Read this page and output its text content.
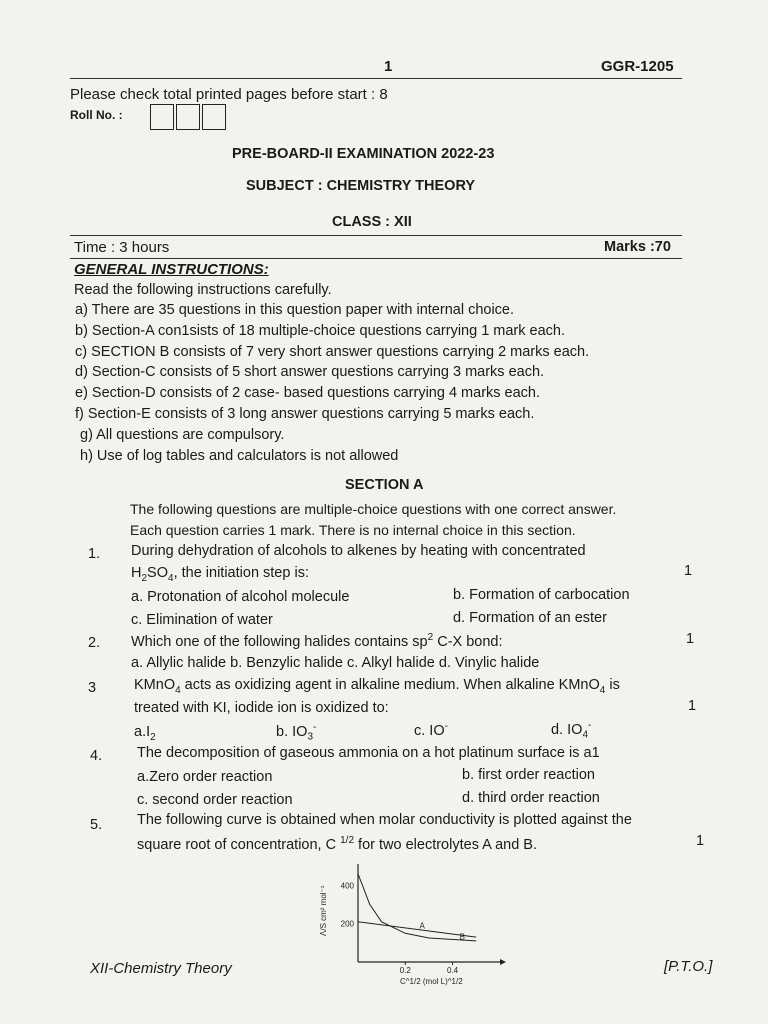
1	GGR-1205
Please check total printed pages before start : 8
Roll No. :
PRE-BOARD-II EXAMINATION 2022-23
SUBJECT : CHEMISTRY THEORY
CLASS : XII
Time : 3 hours	Marks :70
GENERAL INSTRUCTIONS:
Read the following instructions carefully.
a) There are 35 questions in this question paper with internal choice.
b) Section-A con1sists of 18 multiple-choice questions carrying 1 mark each.
c) SECTION B consists of 7 very short answer questions carrying 2 marks each.
d) Section-C consists of 5 short answer questions carrying 3 marks each.
e) Section-D consists of 2 case- based questions carrying 4 marks each.
f) Section-E consists of 3 long answer questions carrying 5 marks each.
g) All questions are compulsory.
h) Use of log tables and calculators is not allowed
SECTION A
The following questions are multiple-choice questions with one correct answer.
Each question carries 1 mark. There is no internal choice in this section.
1. During dehydration of alcohols to alkenes by heating with concentrated
$H_2SO_4$, the initiation step is:	1
a. Protonation of alcohol molecule	b. Formation of carbocation
c. Elimination of water	d. Formation of an ester
2. Which one of the following halides contains $sp^2$ C-X bond:	1
a. Allylic halide b. Benzylic halide c. Alkyl halide d. Vinylic halide
3	KMnO$_4$ acts as oxidizing agent in alkaline medium. When alkaline KMnO$_4$ is
treated with KI, iodide ion is oxidized to:	1
$a.I_2$	b. $IO_3^-$	c. IO-	d. $IO_4^-$
4. The decomposition of gaseous ammonia on a hot platinum surface is a1
a.Zero order reaction	b. first order reaction
c. second order reaction	d. third order reaction
5. The following curve is obtained when molar conductivity is plotted against the
square root of concentration, C $^{1/2}$ for two electrolytes A and B.	1
400
200
0.2	0.4
A
B
Λ/S cm² mol⁻¹
C^1/2 (mol L)^1/2
XII-Chemistry Theory	[P.T.O.]
